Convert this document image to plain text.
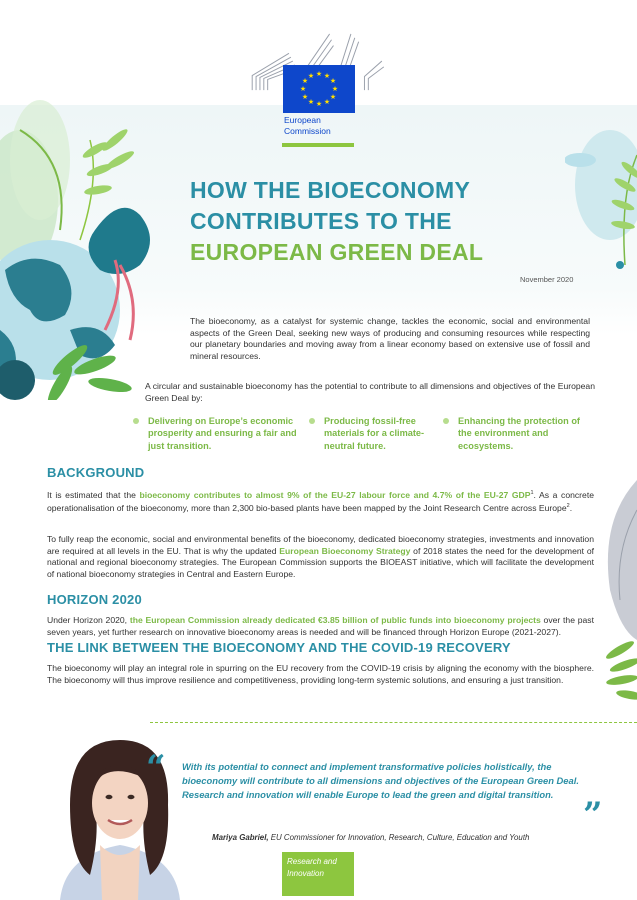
★ ★
★
★
★
★
★
★
★
★
★
★
European
Commission
HOW THE BIOECONOMY
CONTRIBUTES TO THE
EUROPEAN GREEN DEAL
November 2020

The bioeconomy, as a catalyst for systemic change, tackles the economic, social and environmental aspects of the Green Deal, seeking new ways of producing and consuming resources while respecting our planetary boundaries and moving away from a linear economy based on extensive use of fossil and mineral resources.

A circular and sustainable bioeconomy has the potential to contribute to all dimensions and objectives of the European Green Deal by:

Delivering on Europe’s economic prosperity and ensuring a fair and just transition.
Producing fossil-free materials for a climate-neutral future.
Enhancing the protection of the environment and ecosystems.
BACKGROUND

It is estimated that the bioeconomy contributes to almost 9% of the EU-27 labour force and 4.7% of the EU-27 GDP$^1$. As a concrete operationalisation of the bioeconomy, more than 2,300 bio-based plants have been mapped by the Joint Research Centre across Europe$^2$.

To fully reap the economic, social and environmental benefits of the bioeconomy, dedicated bioeconomy strategies, investments and innovation are required at all levels in the EU. That is why the updated European Bioeconomy Strategy of 2018 states the need for the development of national and regional bioeconomy strategies. The European Commission supports the BIOEAST initiative, which will facilitate the development of national bioeconomy strategies in Central and Eastern Europe.

HORIZON 2020

Under Horizon 2020, the European Commission already dedicated €3.85 billion of public funds into bioeconomy projects over the past seven years, yet further research on innovative bioeconomy areas is needed and will be financed through Horizon Europe (2021-2027).

THE LINK BETWEEN THE BIOECONOMY AND THE COVID-19 RECOVERY

The bioeconomy will play an integral role in spurring on the EU recovery from the COVID-19 crisis by aligning the economy with the biosphere. The bioeconomy will thus improve resilience and competitiveness, providing long-term systemic solutions, and ensuring a just transition.

“ With its potential to connect and implement transformative policies holistically, the bioeconomy will contribute to all dimensions and objectives of the European Green Deal. Research and innovation will enable Europe to lead the green and digital transition.

”
Mariya Gabriel, EU Commissioner for Innovation, Research, Culture, Education and Youth
Research and
Innovation
